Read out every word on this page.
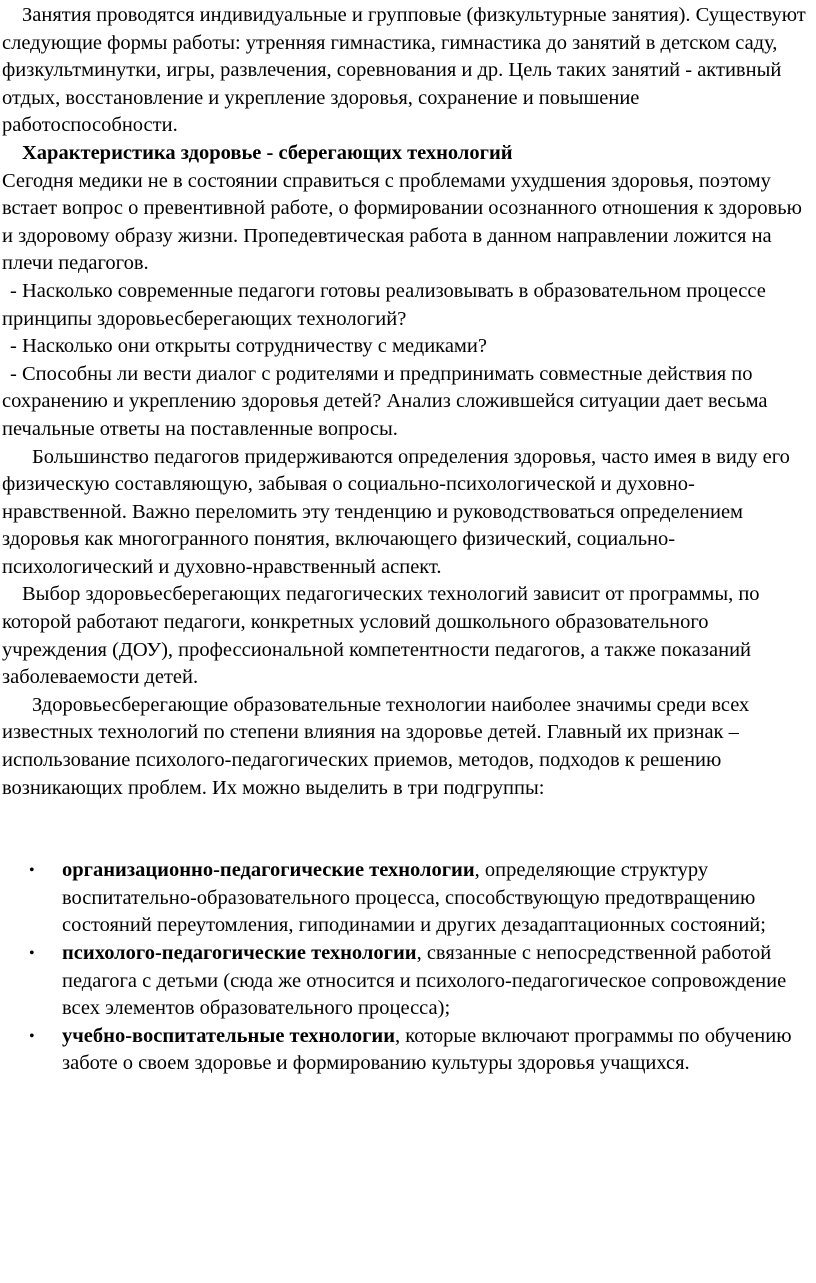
Занятия проводятся индивидуальные и групповые (физкультурные занятия). Существуют следующие формы работы: утренняя гимнастика, гимнастика до занятий в детском саду, физкультминутки, игры, развлечения, соревнования и др. Цель таких занятий - активный отдых, восстановление и укрепление здоровья, сохранение и повышение работоспособности.

Характеристика здоровье - сберегающих технологий

Сегодня медики не в состоянии справиться с проблемами ухудшения здоровья, поэтому встает вопрос о превентивной работе, о формировании осознанного отношения к здоровью и здоровому образу жизни. Пропедевтическая работа в данном направлении ложится на плечи педагогов.

- Насколько современные педагоги готовы реализовывать в образовательном процессе принципы здоровьесберегающих технологий?

- Насколько они открыты сотрудничеству с медиками?

- Способны ли вести диалог с родителями и предпринимать совместные действия по сохранению и укреплению здоровья детей? Анализ сложившейся ситуации дает весьма печальные ответы на поставленные вопросы.

Большинство педагогов придерживаются определения здоровья, часто имея в виду его физическую составляющую, забывая о социально-психологической и духовно-нравственной. Важно переломить эту тенденцию и руководствоваться определением здоровья как многогранного понятия, включающего физический, социально-психологический и духовно-нравственный аспект.

Выбор здоровьесберегающих педагогических технологий зависит от программы, по которой работают педагоги, конкретных условий дошкольного образовательного учреждения (ДОУ), профессиональной компетентности педагогов, а также показаний заболеваемости детей.

Здоровьесберегающие образовательные технологии наиболее значимы среди всех известных технологий по степени влияния на здоровье детей. Главный их признак – использование психолого-педагогических приемов, методов, подходов к решению возникающих проблем. Их можно выделить в три подгруппы:

• организационно-педагогические технологии, определяющие структуру воспитательно-образовательного процесса, способствующую предотвращению состояний переутомления, гиподинамии и других дезадаптационных состояний;
• психолого-педагогические технологии, связанные с непосредственной работой педагога с детьми (сюда же относится и психолого-педагогическое сопровождение всех элементов образовательного процесса);
• учебно-воспитательные технологии, которые включают программы по обучению заботе о своем здоровье и формированию культуры здоровья учащихся.
